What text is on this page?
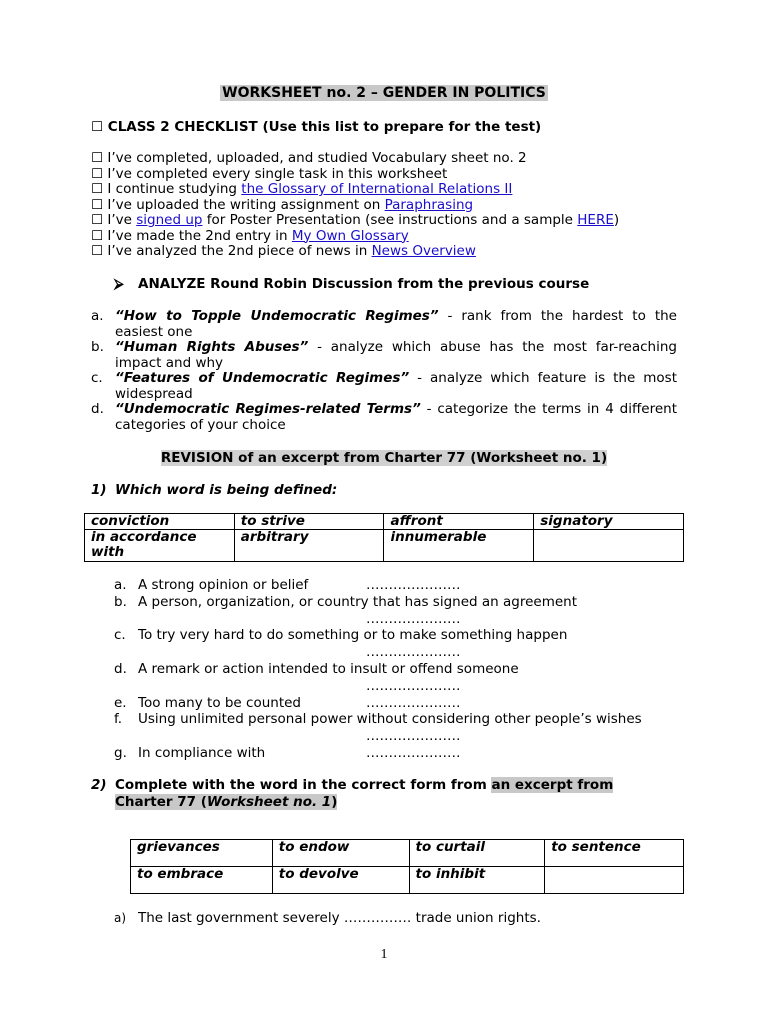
WORKSHEET no. 2 – GENDER IN POLITICS
☐ CLASS 2 CHECKLIST (Use this list to prepare for the test)
☐ I’ve completed, uploaded, and studied Vocabulary sheet no. 2
☐ I’ve completed every single task in this worksheet
☐ I continue studying the Glossary of International Relations II
☐ I’ve uploaded the writing assignment on Paraphrasing
☐ I’ve signed up for Poster Presentation (see instructions and a sample HERE)
☐ I’ve made the 2nd entry in My Own Glossary
☐ I’ve analyzed the 2nd piece of news in News Overview
⮚ ANALYZE Round Robin Discussion from the previous course
a. “How to Topple Undemocratic Regimes” - rank from the hardest to the easiest one
b. “Human Rights Abuses” - analyze which abuse has the most far-reaching impact and why
c. “Features of Undemocratic Regimes” - analyze which feature is the most widespread
d. “Undemocratic Regimes-related Terms” - categorize the terms in 4 different categories of your choice
REVISION of an excerpt from Charter 77 (Worksheet no. 1)
1) Which word is being defined:
conviction	to strive	affront	signatory
in accordance with	arbitrary	innumerable	
a. A strong opinion or belief	…………………
b. A person, organization, or country that has signed an agreement
…………………

c. To try very hard to do something or to make something happen
…………………

d. A remark or action intended to insult or offend someone
…………………

e. Too many to be counted	…………………
f. Using unlimited personal power without considering other people’s wishes
…………………

g. In compliance with	…………………
2) Complete with the word in the correct form from an excerpt from
Charter 77 (Worksheet no. 1)
grievances	to endow	to curtail	to sentence
to embrace	to devolve	to inhibit	
a) The last government severely …………… trade union rights.
1
